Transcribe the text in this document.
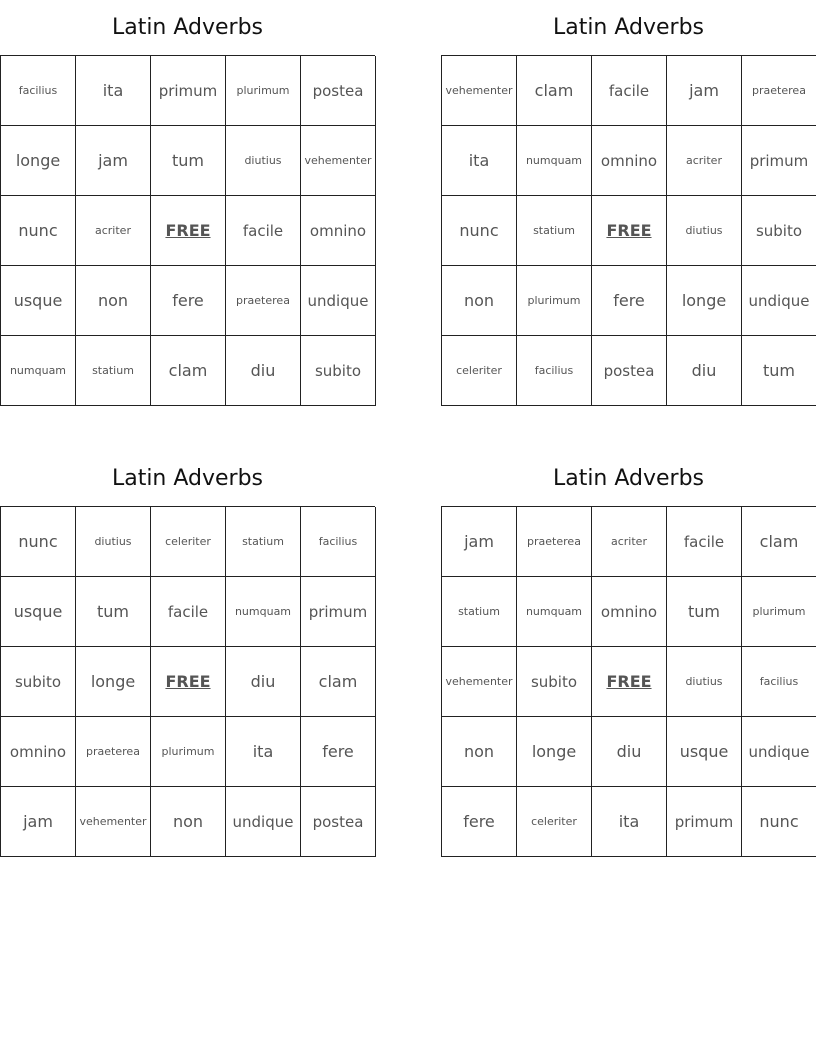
Latin Adverbs
facilius	ita	primum	plurimum	postea
longe	jam	tum	diutius	vehementer
nunc	acriter	FREE	facile	omnino
usque	non	fere	praeterea	undique
numquam	statium	clam	diu	subito
Latin Adverbs
vehementer	clam	facile	jam	praeterea
ita	numquam	omnino	acriter	primum
nunc	statium	FREE	diutius	subito
non	plurimum	fere	longe	undique
celeriter	facilius	postea	diu	tum
Latin Adverbs
nunc	diutius	celeriter	statium	facilius
usque	tum	facile	numquam	primum
subito	longe	FREE	diu	clam
omnino	praeterea	plurimum	ita	fere
jam	vehementer	non	undique	postea
Latin Adverbs
jam	praeterea	acriter	facile	clam
statium	numquam	omnino	tum	plurimum
vehementer	subito	FREE	diutius	facilius
non	longe	diu	usque	undique
fere	celeriter	ita	primum	nunc
